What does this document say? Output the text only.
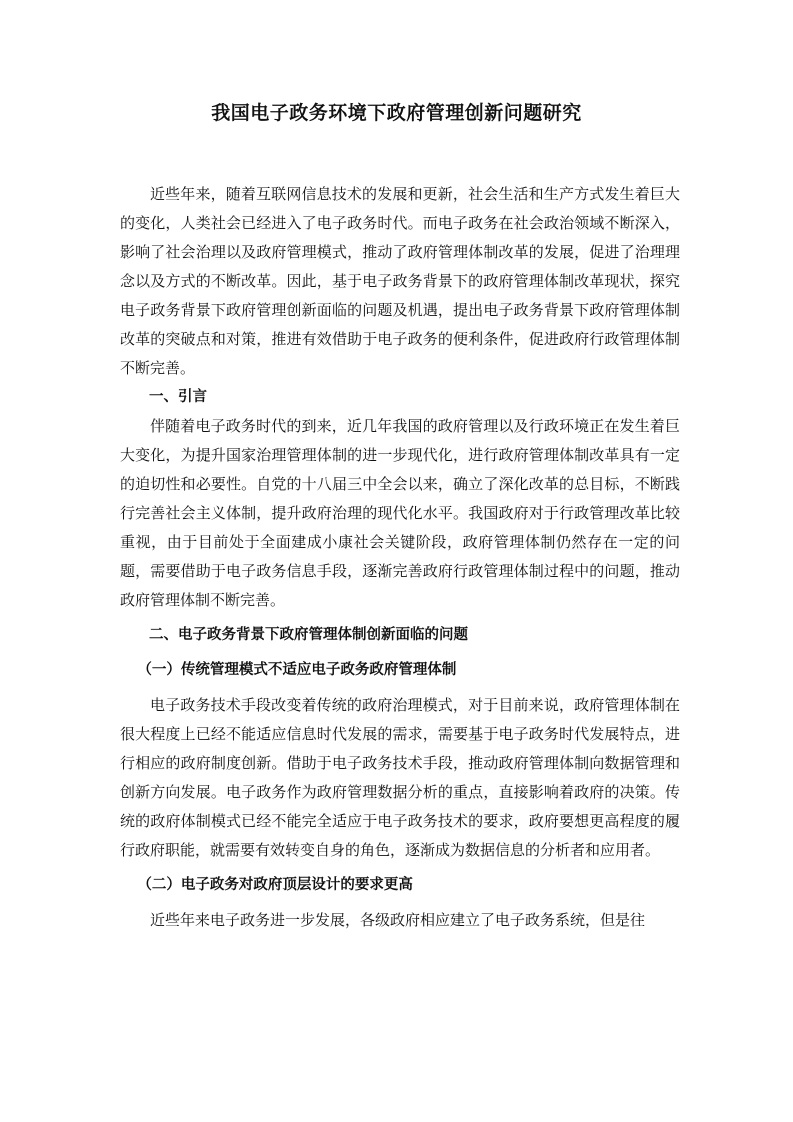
我国电子政务环境下政府管理创新问题研究

近些年来，随着互联网信息技术的发展和更新，社会生活和生产方式发生着巨大的变化，人类社会已经进入了电子政务时代。而电子政务在社会政治领域不断深入，影响了社会治理以及政府管理模式，推动了政府管理体制改革的发展，促进了治理理念以及方式的不断改革。因此，基于电子政务背景下的政府管理体制改革现状，探究电子政务背景下政府管理创新面临的问题及机遇，提出电子政务背景下政府管理体制改革的突破点和对策，推进有效借助于电子政务的便利条件，促进政府行政管理体制不断完善。

一、引言

伴随着电子政务时代的到来，近几年我国的政府管理以及行政环境正在发生着巨大变化，为提升国家治理管理体制的进一步现代化，进行政府管理体制改革具有一定的迫切性和必要性。自党的十八届三中全会以来，确立了深化改革的总目标，不断践行完善社会主义体制，提升政府治理的现代化水平。我国政府对于行政管理改革比较重视，由于目前处于全面建成小康社会关键阶段，政府管理体制仍然存在一定的问题，需要借助于电子政务信息手段，逐渐完善政府行政管理体制过程中的问题，推动政府管理体制不断完善。

二、电子政务背景下政府管理体制创新面临的问题
（一）传统管理模式不适应电子政务政府管理体制

电子政务技术手段改变着传统的政府治理模式，对于目前来说，政府管理体制在很大程度上已经不能适应信息时代发展的需求，需要基于电子政务时代发展特点，进行相应的政府制度创新。借助于电子政务技术手段，推动政府管理体制向数据管理和创新方向发展。电子政务作为政府管理数据分析的重点，直接影响着政府的决策。传统的政府体制模式已经不能完全适应于电子政务技术的要求，政府要想更高程度的履行政府职能，就需要有效转变自身的角色，逐渐成为数据信息的分析者和应用者。

（二）电子政务对政府顶层设计的要求更高

近些年来电子政务进一步发展，各级政府相应建立了电子政务系统，但是往
